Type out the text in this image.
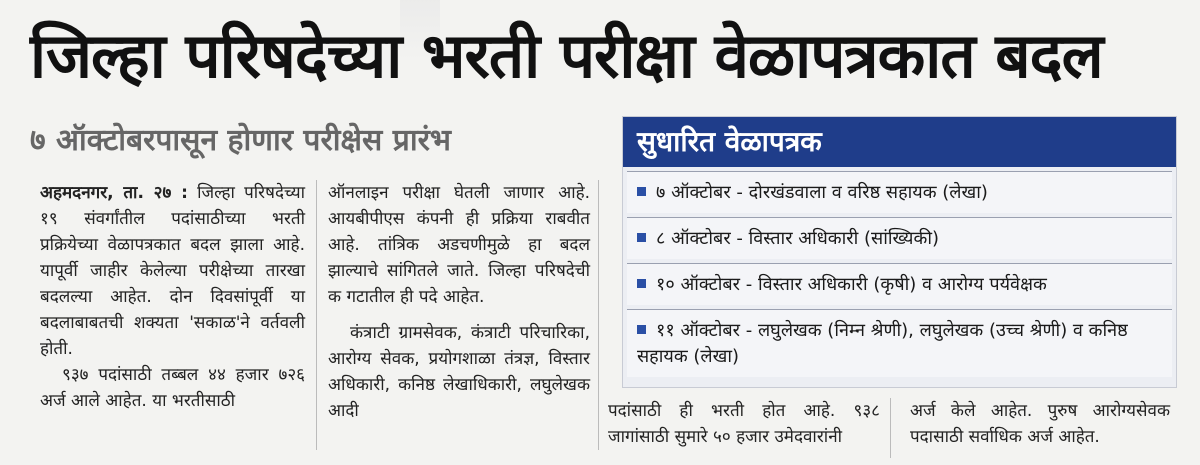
जिल्हा परिषदेच्या भरती परीक्षा वेळापत्रकात बदल
७ ऑक्टोबरपासून होणार परीक्षेस प्रारंभ

अहमदनगर, ता. २७ : जिल्हा परिषदेच्या १९ संवर्गांतील पदांसाठीच्या भरती प्रक्रियेच्या वेळापत्रकात बदल झाला आहे. यापूर्वी जाहीर केलेल्या परीक्षेच्या तारखा बदलल्या आहेत. दोन दिवसांपूर्वी या बदलाबाबतची शक्यता 'सकाळ'ने वर्तवली होती.

९३७ पदांसाठी तब्बल ४४ हजार ७२६ अर्ज आले आहेत. या भरतीसाठी

ऑनलाइन परीक्षा घेतली जाणार आहे. आयबीपीएस कंपनी ही प्रक्रिया राबवीत आहे. तांत्रिक अडचणीमुळे हा बदल झाल्याचे सांगितले जाते. जिल्हा परिषदेची क गटातील ही पदे आहेत.

कंत्राटी ग्रामसेवक, कंत्राटी परिचारिका, आरोग्य सेवक, प्रयोगशाळा तंत्रज्ञ, विस्तार अधिकारी, कनिष्ठ लेखाधिकारी, लघुलेखक आदी

सुधारित वेळापत्रक
७ ऑक्टोबर - दोरखंडवाला व वरिष्ठ सहायक (लेखा)
८ ऑक्टोबर - विस्तार अधिकारी (सांख्यिकी)
१० ऑक्टोबर - विस्तार अधिकारी (कृषी) व आरोग्य पर्यवेक्षक
११ ऑक्टोबर - लघुलेखक (निम्न श्रेणी), लघुलेखक (उच्च श्रेणी) व कनिष्ठ सहायक (लेखा)

पदांसाठी ही भरती होत आहे. ९३८ जागांसाठी सुमारे ५० हजार उमेदवारांनी

अर्ज केले आहेत. पुरुष आरोग्यसेवक पदासाठी सर्वाधिक अर्ज आहेत.
